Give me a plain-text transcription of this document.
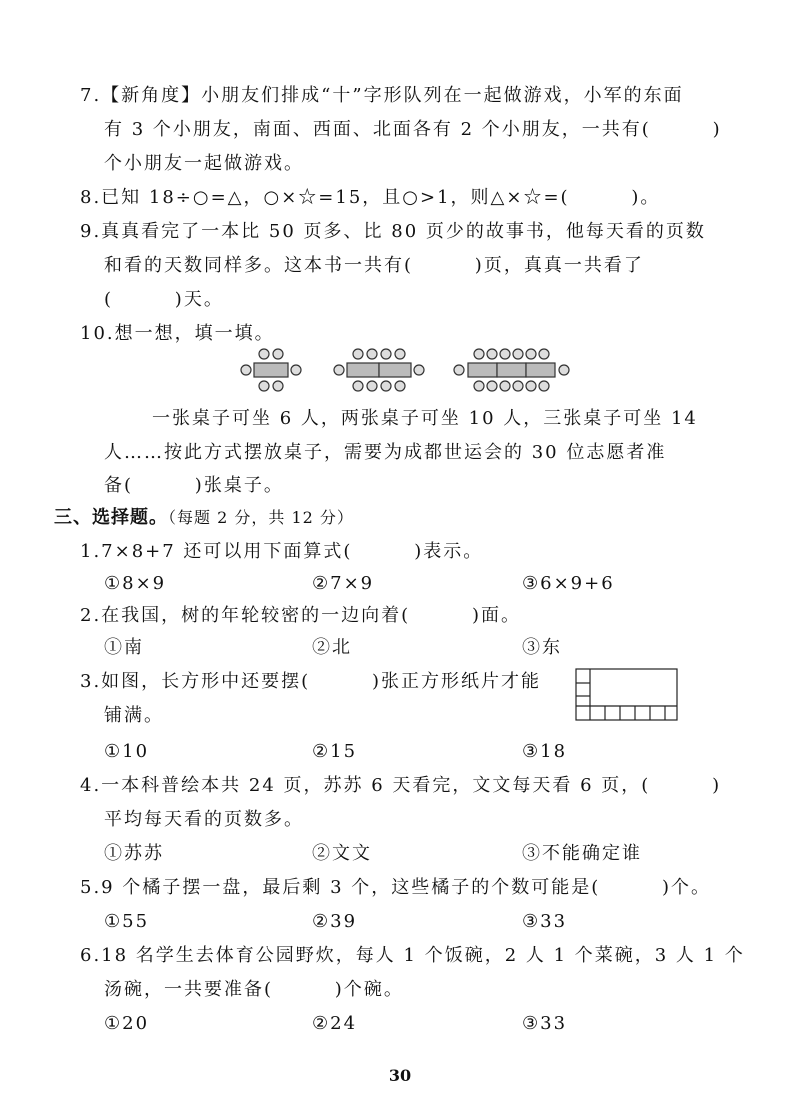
7.【新角度】小朋友们排成“十”字形队列在一起做游戏，小军的东面
有 3 个小朋友，南面、西面、北面各有 2 个小朋友，一共有(        )
个小朋友一起做游戏。
8.已知 18÷○=△，○×☆=15，且○>1，则△×☆=(        )。
9.真真看完了一本比 50 页多、比 80 页少的故事书，他每天看的页数
和看的天数同样多。这本书一共有(        )页，真真一共看了
(        )天。
10.想一想，填一填。
一张桌子可坐 6 人，两张桌子可坐 10 人，三张桌子可坐 14
人……按此方式摆放桌子，需要为成都世运会的 30 位志愿者准
备(        )张桌子。
三、选择题。（每题 2 分，共 12 分）
1.7×8+7 还可以用下面算式(        )表示。
①8×9	②7×9	③6×9+6
2.在我国，树的年轮较密的一边向着(        )面。
①南	②北	③东
3.如图，长方形中还要摆(        )张正方形纸片才能
铺满。
①10	②15	③18
4.一本科普绘本共 24 页，苏苏 6 天看完，文文每天看 6 页，(        )
平均每天看的页数多。
①苏苏	②文文	③不能确定谁
5.9 个橘子摆一盘，最后剩 3 个，这些橘子的个数可能是(        )个。
①55	②39	③33
6.18 名学生去体育公园野炊，每人 1 个饭碗，2 人 1 个菜碗，3 人 1 个
汤碗，一共要准备(        )个碗。
①20	②24	③33
30
